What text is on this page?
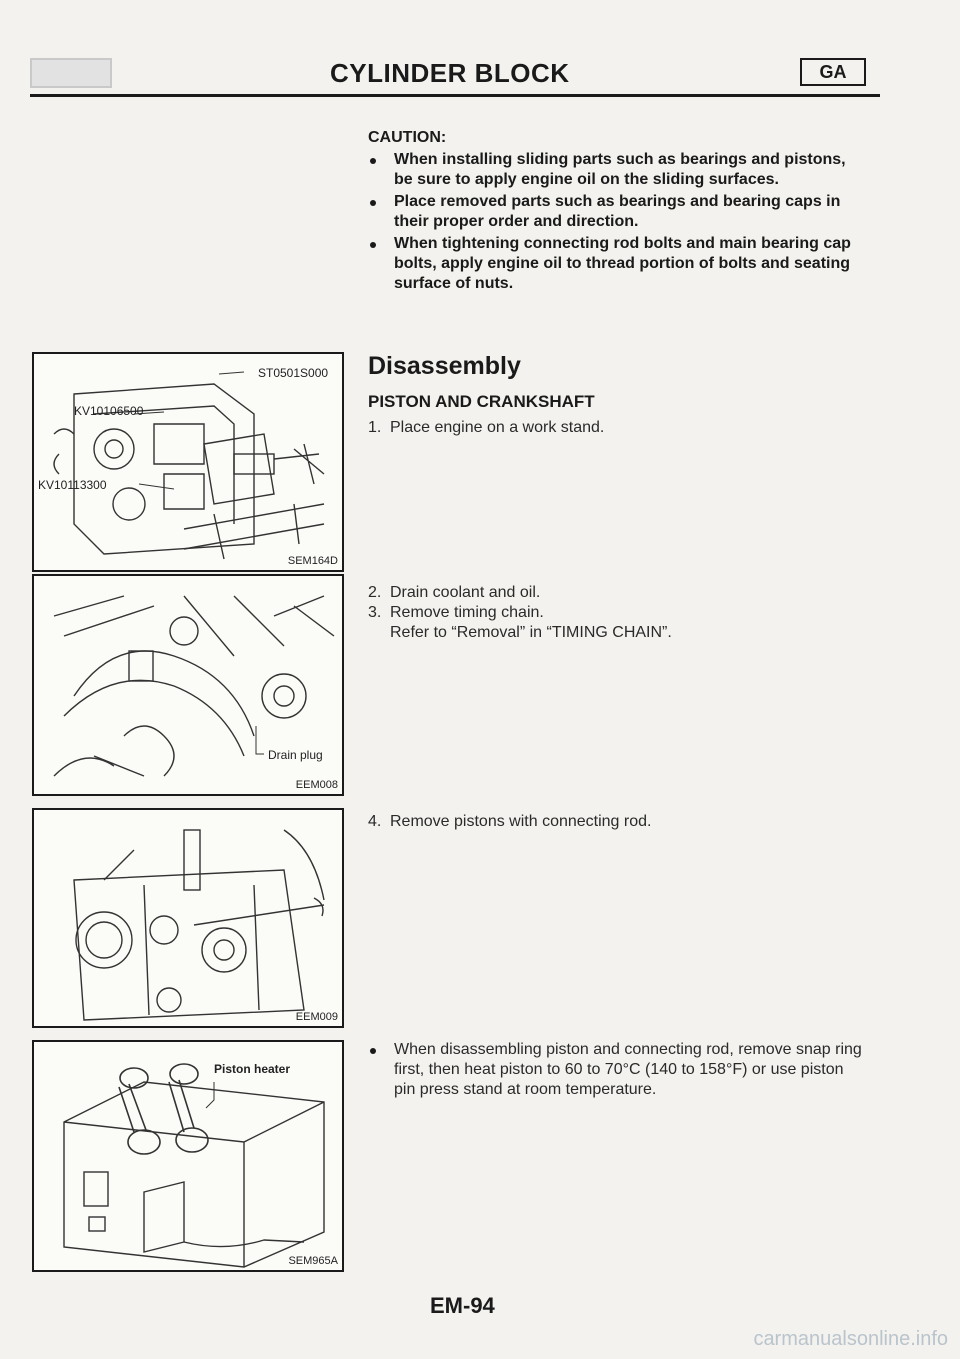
CYLINDER BLOCK	GA
CAUTION:
When installing sliding parts such as bearings and pistons, be sure to apply engine oil on the sliding surfaces.
Place removed parts such as bearings and bearing caps in their proper order and direction.
When tightening connecting rod bolts and main bearing cap bolts, apply engine oil to thread portion of bolts and seating surface of nuts.
Disassembly
PISTON AND CRANKSHAFT
1. Place engine on a work stand.
2. Drain coolant and oil.
3. Remove timing chain.
Refer to “Removal” in “TIMING CHAIN”.
4. Remove pistons with connecting rod.
When disassembling piston and connecting rod, remove snap ring first, then heat piston to 60 to 70°C (140 to 158°F) or use piston pin press stand at room temperature.
ST0501S000
KV10106500
KV10113300
SEM164D
Drain plug
EEM008
EEM009
Piston heater
SEM965A
EM-94
carmanualsonline.info
